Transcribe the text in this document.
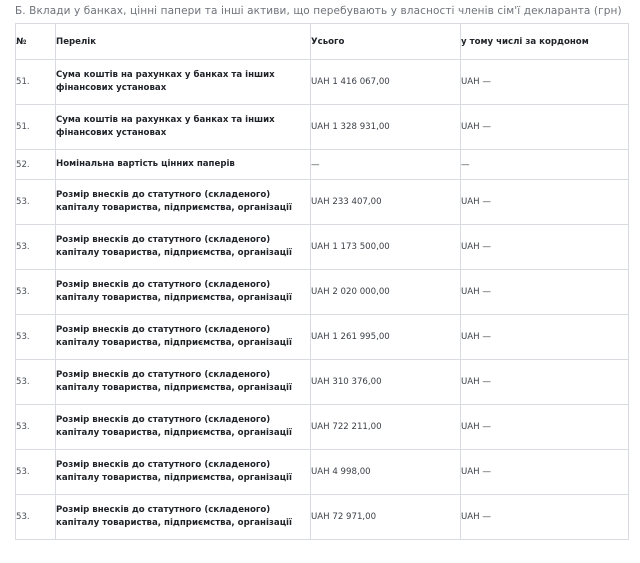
Б. Вклади у банках, цінні папери та інші активи, що перебувають у власності членів сім'ї декларанта (грн)
№	Перелік	Усього	у тому числі за кордоном
51.	Сума коштів на рахунках у банках та інших фінансових установах	UAH 1 416 067,00	UAH —
51.	Сума коштів на рахунках у банках та інших фінансових установах	UAH 1 328 931,00	UAH —
52.	Номінальна вартість цінних паперів	—	—
53.	Розмір внесків до статутного (складеного) капіталу товариства, підприємства, організації	UAH 233 407,00	UAH —
53.	Розмір внесків до статутного (складеного) капіталу товариства, підприємства, організації	UAH 1 173 500,00	UAH —
53.	Розмір внесків до статутного (складеного) капіталу товариства, підприємства, організації	UAH 2 020 000,00	UAH —
53.	Розмір внесків до статутного (складеного) капіталу товариства, підприємства, організації	UAH 1 261 995,00	UAH —
53.	Розмір внесків до статутного (складеного) капіталу товариства, підприємства, організації	UAH 310 376,00	UAH —
53.	Розмір внесків до статутного (складеного) капіталу товариства, підприємства, організації	UAH 722 211,00	UAH —
53.	Розмір внесків до статутного (складеного) капіталу товариства, підприємства, організації	UAH 4 998,00	UAH —
53.	Розмір внесків до статутного (складеного) капіталу товариства, підприємства, організації	UAH 72 971,00	UAH —
